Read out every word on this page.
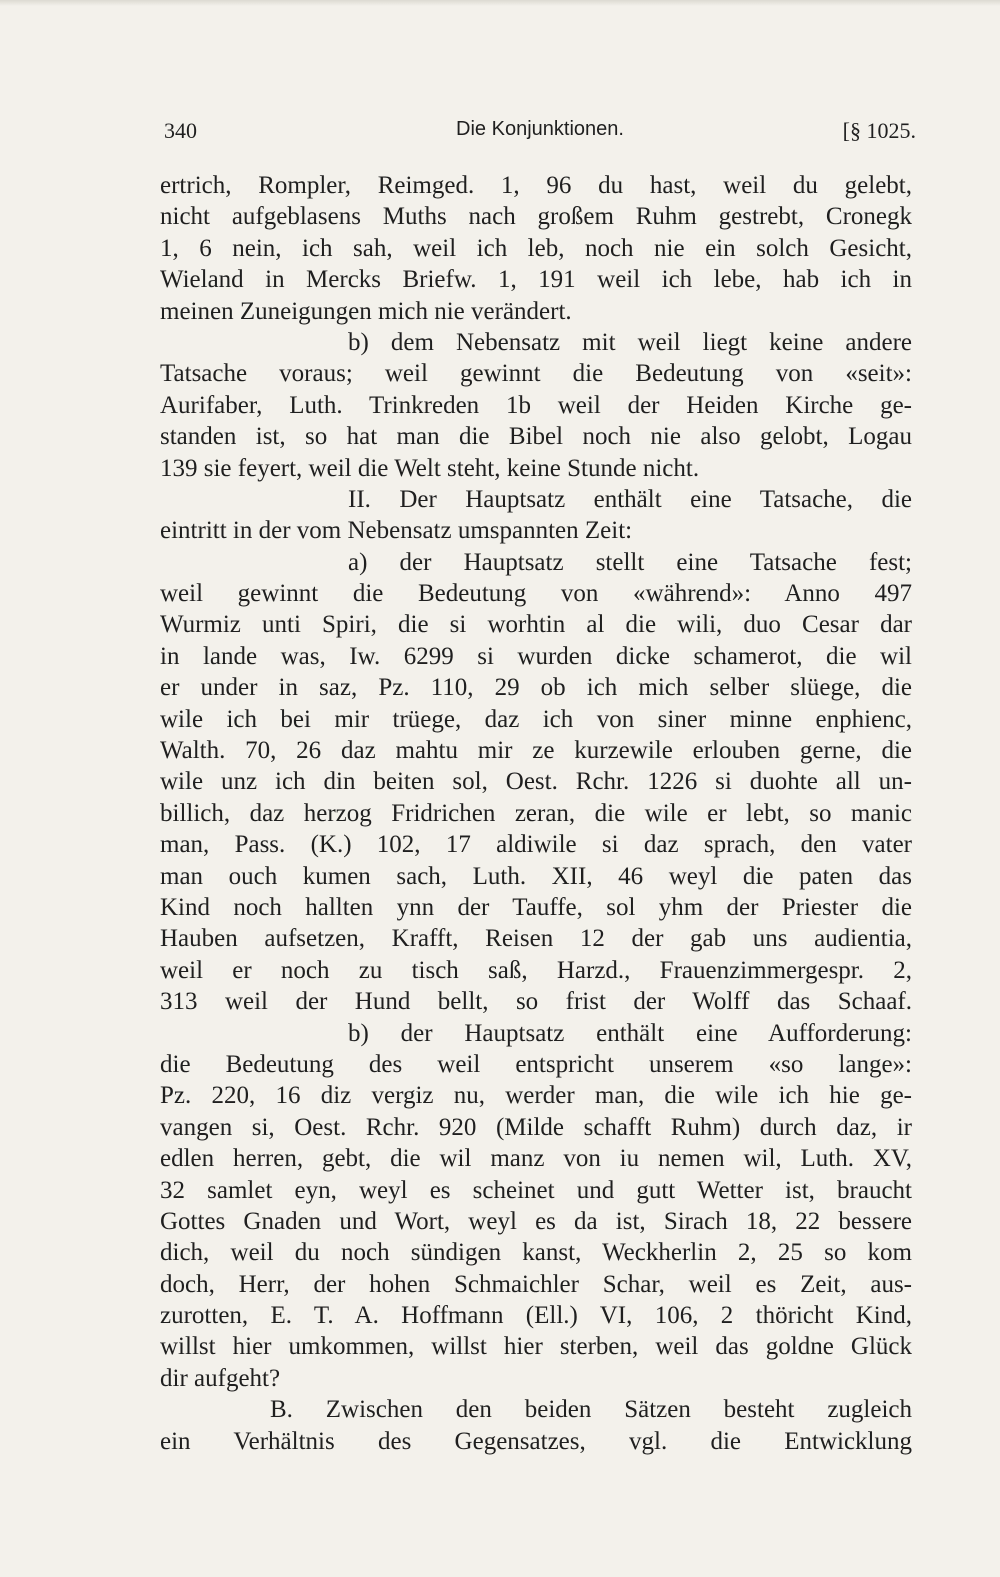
340	Die Konjunktionen.	[§ 1025.
ertrich, Rompler, Reimged. 1, 96 du hast, weil du gelebt,
nicht aufgeblasens Muths nach großem Ruhm gestrebt, Cronegk
1, 6 nein, ich sah, weil ich leb, noch nie ein solch Gesicht,
Wieland in Mercks Briefw. 1, 191 weil ich lebe, hab ich in
meinen Zuneigungen mich nie verändert.
b) dem Nebensatz mit weil liegt keine andere
Tatsache voraus; weil gewinnt die Bedeutung von «seit»:
Aurifaber, Luth. Trinkreden 1b weil der Heiden Kirche ge-
standen ist, so hat man die Bibel noch nie also gelobt, Logau
139 sie feyert, weil die Welt steht, keine Stunde nicht.
II. Der Hauptsatz enthält eine Tatsache, die
eintritt in der vom Nebensatz umspannten Zeit:
a) der Hauptsatz stellt eine Tatsache fest;
weil gewinnt die Bedeutung von «während»: Anno 497
Wurmiz unti Spiri, die si worhtin al die wili, duo Cesar dar
in lande was, Iw. 6299 si wurden dicke schamerot, die wil
er under in saz, Pz. 110, 29 ob ich mich selber slüege, die
wile ich bei mir trüege, daz ich von siner minne enphienc,
Walth. 70, 26 daz mahtu mir ze kurzewile erlouben gerne, die
wile unz ich din beiten sol, Oest. Rchr. 1226 si duohte all un-
billich, daz herzog Fridrichen zeran, die wile er lebt, so manic
man, Pass. (K.) 102, 17 aldiwile si daz sprach, den vater
man ouch kumen sach, Luth. XII, 46 weyl die paten das
Kind noch hallten ynn der Tauffe, sol yhm der Priester die
Hauben aufsetzen, Krafft, Reisen 12 der gab uns audientia,
weil er noch zu tisch saß, Harzd., Frauenzimmergespr. 2,
313 weil der Hund bellt, so frist der Wolff das Schaaf.
b) der Hauptsatz enthält eine Aufforderung:
die Bedeutung des weil entspricht unserem «so lange»:
Pz. 220, 16 diz vergiz nu, werder man, die wile ich hie ge-
vangen si, Oest. Rchr. 920 (Milde schafft Ruhm) durch daz, ir
edlen herren, gebt, die wil manz von iu nemen wil, Luth. XV,
32 samlet eyn, weyl es scheinet und gutt Wetter ist, braucht
Gottes Gnaden und Wort, weyl es da ist, Sirach 18, 22 bessere
dich, weil du noch sündigen kanst, Weckherlin 2, 25 so kom
doch, Herr, der hohen Schmaichler Schar, weil es Zeit, aus-
zurotten, E. T. A. Hoffmann (Ell.) VI, 106, 2 thöricht Kind,
willst hier umkommen, willst hier sterben, weil das goldne Glück
dir aufgeht?
B. Zwischen den beiden Sätzen besteht zugleich
ein Verhältnis des Gegensatzes, vgl. die Entwicklung
